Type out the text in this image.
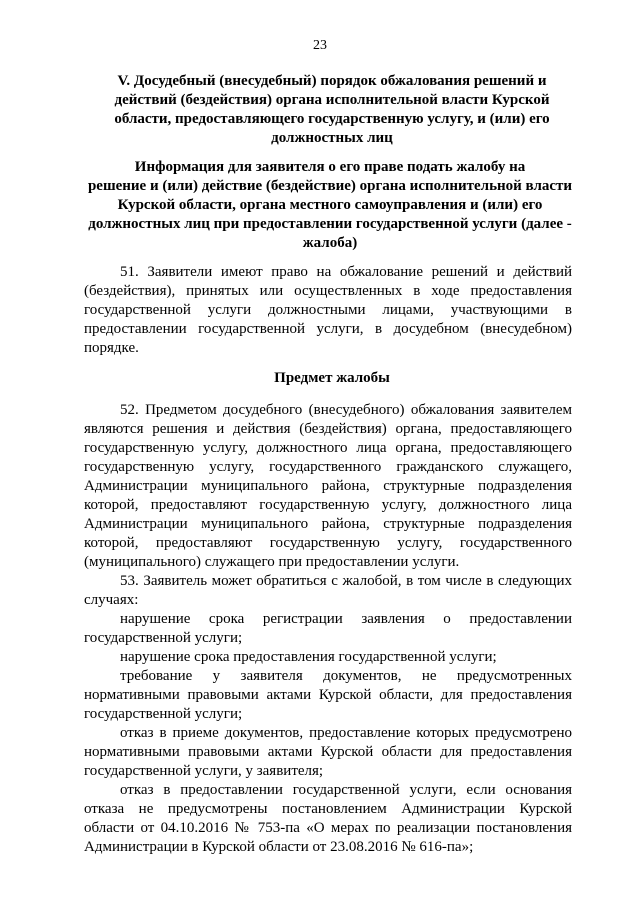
23
V. Досудебный (внесудебный) порядок обжалования решений и
действий (бездействия) органа исполнительной власти Курской
области, предоставляющего государственную услугу, и (или) его
должностных лиц
Информация для заявителя о его праве подать жалобу на
решение и (или) действие (бездействие) органа исполнительной власти
Курской области, органа местного самоуправления и (или) его
должностных лиц при предоставлении государственной услуги (далее -
жалоба)
51. Заявители имеют право на обжалование решений и действий
(бездействия), принятых или осуществленных в ходе предоставления
государственной услуги должностными лицами, участвующими в
предоставлении государственной услуги, в досудебном (внесудебном)
порядке.
Предмет жалобы
52. Предметом досудебного (внесудебного) обжалования заявителем
являются решения и действия (бездействия) органа, предоставляющего
государственную услугу, должностного лица органа, предоставляющего
государственную услугу, государственного гражданского служащего,
Администрации муниципального района, структурные подразделения
которой, предоставляют государственную услугу, должностного лица
Администрации муниципального района, структурные подразделения
которой, предоставляют государственную услугу, государственного
(муниципального) служащего при предоставлении услуги.
53. Заявитель может обратиться с жалобой, в том числе в следующих
случаях:
нарушение срока регистрации заявления о предоставлении
государственной услуги;
нарушение срока предоставления государственной услуги;
требование у заявителя документов, не предусмотренных
нормативными правовыми актами Курской области, для предоставления
государственной услуги;
отказ в приеме документов, предоставление которых предусмотрено
нормативными правовыми актами Курской области для предоставления
государственной услуги, у заявителя;
отказ в предоставлении государственной услуги, если основания
отказа не предусмотрены постановлением Администрации Курской
области от 04.10.2016 № 753-па «О мерах по реализации постановления
Администрации в Курской области от 23.08.2016 № 616-па»;
